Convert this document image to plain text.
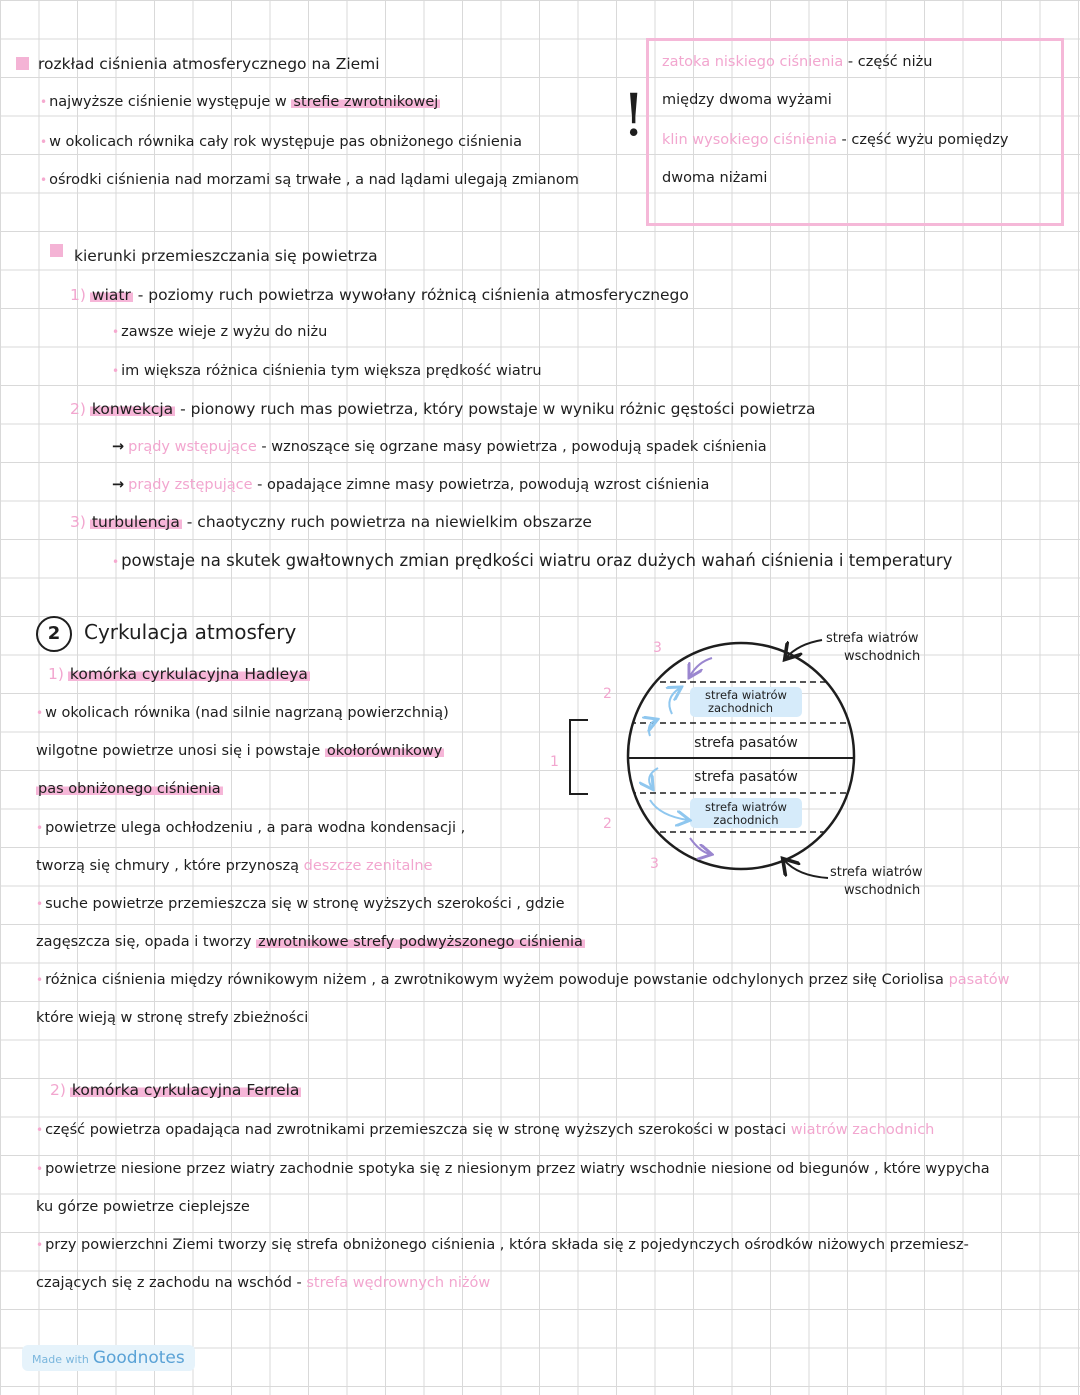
rozkład ciśnienia atmosferycznego na Ziemi
• najwyższe ciśnienie występuje w strefie zwrotnikowej
• w okolicach równika cały rok występuje pas obniżonego ciśnienia
• ośrodki ciśnienia nad morzami są trwałe , a nad lądami ulegają zmianom
!
zatoka niskiego ciśnienia - część niżu
między dwoma wyżami
klin wysokiego ciśnienia - część wyżu pomiędzy
dwoma niżami
kierunki przemieszczania się powietrza
1) wiatr - poziomy ruch powietrza wywołany różnicą ciśnienia atmosferycznego
• zawsze wieje z wyżu do niżu
• im większa różnica ciśnienia tym większa prędkość wiatru
2) konwekcja - pionowy ruch mas powietrza, który powstaje w wyniku różnic gęstości powietrza
→ prądy wstępujące - wznoszące się ogrzane masy powietrza , powodują spadek ciśnienia
→ prądy zstępujące - opadające zimne masy powietrza, powodują wzrost ciśnienia
3) turbulencja - chaotyczny ruch powietrza na niewielkim obszarze
• powstaje na skutek gwałtownych zmian prędkości wiatru oraz dużych wahań ciśnienia i temperatury
2	Cyrkulacja atmosfery
1) komórka cyrkulacyjna Hadleya
• w okolicach równika (nad silnie nagrzaną powierzchnią)
wilgotne powietrze unosi się i powstaje okołorównikowy
pas obniżonego ciśnienia
• powietrze ulega ochłodzeniu , a para wodna kondensacji ,
tworzą się chmury , które przynoszą deszcze zenitalne
• suche powietrze przemieszcza się w stronę wyższych szerokości , gdzie
zagęszcza się, opada i tworzy zwrotnikowe strefy podwyższonego ciśnienia
• różnica ciśnienia między równikowym niżem , a zwrotnikowym wyżem powoduje powstanie odchylonych przez siłę Coriolisa pasatów
które wieją w stronę strefy zbieżności
2) komórka cyrkulacyjna Ferrela
• część powietrza opadająca nad zwrotnikami przemieszcza się w stronę wyższych szerokości w postaci wiatrów zachodnich
• powietrze niesione przez wiatry zachodnie spotyka się z niesionym przez wiatry wschodnie niesione od biegunów , które wypycha
ku górze powietrze cieplejsze
• przy powierzchni Ziemi tworzy się strefa obniżonego ciśnienia , która składa się z pojedynczych ośrodków niżowych przemiesz-
czających się z zachodu na wschód - strefa wędrownych niżów
strefa wiatrów zachodnich
strefa pasatów
strefa pasatów
strefa wiatrów zachodnich
1
2
2
3
3
strefa wiatrów wschodnich
strefa wiatrów wschodnich
Made with Goodnotes
